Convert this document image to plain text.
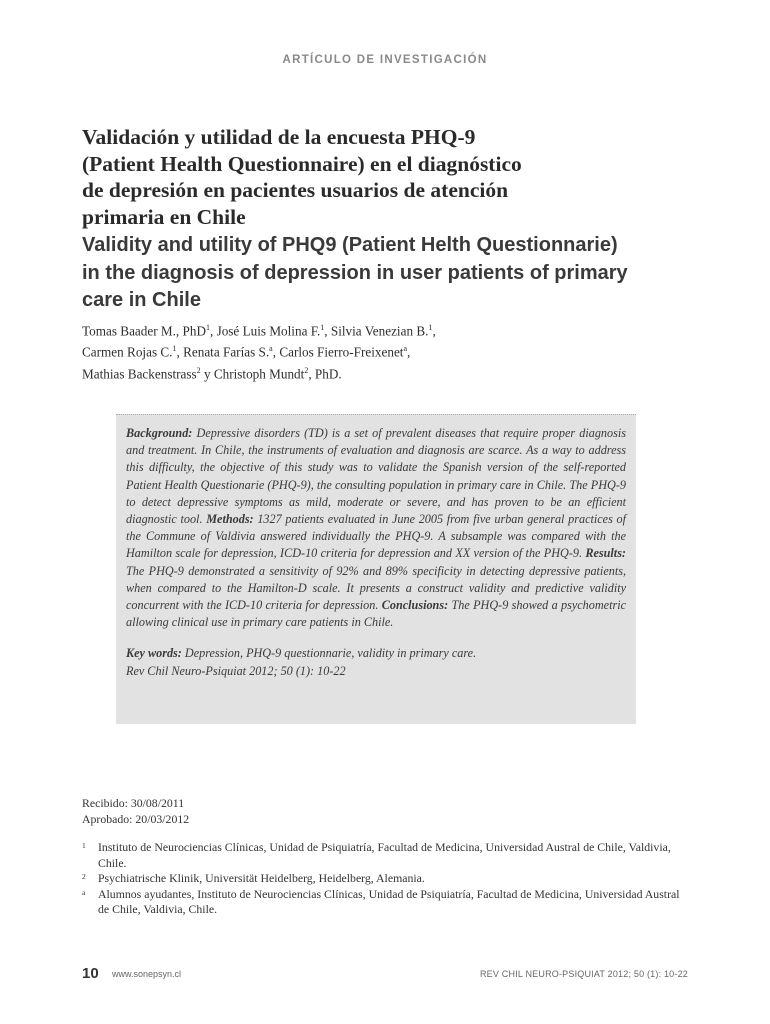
ARTÍCULO DE INVESTIGACIÓN
Validación y utilidad de la encuesta PHQ-9
(Patient Health Questionnaire) en el diagnóstico
de depresión en pacientes usuarios de atención
primaria en Chile
Validity and utility of PHQ9 (Patient Helth Questionnarie)
in the diagnosis of depression in user patients of primary
care in Chile
Tomas Baader M., PhD$^1$, José Luis Molina F.$^1$, Silvia Venezian B.$^1$,
Carmen Rojas C.$^1$, Renata Farías S.$^a$, Carlos Fierro-Freixenet$^a$,
Mathias Backenstrass$^2$ y Christoph Mundt$^2$, PhD.

Background: Depressive disorders (TD) is a set of prevalent diseases that require proper diagnosis and treatment. In Chile, the instruments of evaluation and diagnosis are scarce. As a way to address this difficulty, the objective of this study was to validate the Spanish version of the self-reported Patient Health Questionarie (PHQ-9), the consulting population in primary care in Chile. The PHQ-9 to detect depressive symptoms as mild, moderate or severe, and has proven to be an efficient diagnostic tool. Methods: 1327 patients evaluated in June 2005 from five urban general practices of the Commune of Valdivia answered individually the PHQ-9. A subsample was compared with the Hamilton scale for depression, ICD-10 criteria for depression and XX version of the PHQ-9. Results: The PHQ-9 demonstrated a sensitivity of 92% and 89% specificity in detecting depressive patients, when compared to the Hamilton-D scale. It presents a construct validity and predictive validity concurrent with the ICD-10 criteria for depression. Conclusions: The PHQ-9 showed a psychometric allowing clinical use in primary care patients in Chile.

Key words: Depression, PHQ-9 questionnarie, validity in primary care.

Rev Chil Neuro-Psiquiat 2012; 50 (1): 10-22

Recibido: 30/08/2011
Aprobado: 20/03/2012
1 Instituto de Neurociencias Clínicas, Unidad de Psiquiatría, Facultad de Medicina, Universidad Austral de Chile, Valdivia, Chile.
2 Psychiatrische Klinik, Universität Heidelberg, Heidelberg, Alemania.
a Alumnos ayudantes, Instituto de Neurociencias Clínicas, Unidad de Psiquiatría, Facultad de Medicina, Universidad Austral de Chile, Valdivia, Chile.
10 www.sonepsyn.cl	REV CHIL NEURO-PSIQUIAT 2012; 50 (1): 10-22
